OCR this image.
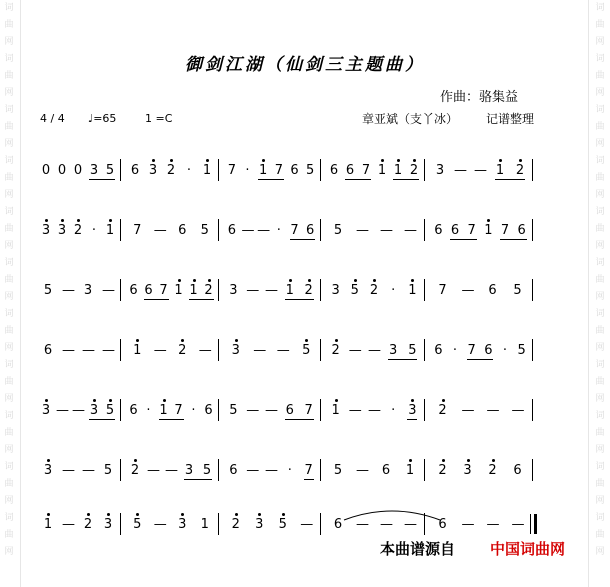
词
曲
网
词
曲
网
词
曲
网
词
曲
网
词
曲
网
词
曲
网
词
曲
网
词
曲
网
词
曲
网
词
曲
网
词
曲
网
词
曲
网
词
曲
网
词
曲
网
词
曲
网
词
曲
网
词
曲
网
词
曲
网
词
曲
网
词
曲
网
词
曲
网
词
曲
网
御剑江湖（仙剑三主题曲）
作曲：骆集益
4 / 4 ♩=65	1 =C	章亚斌（支丫冰） 记谱整理
0 0 0 3 5 6 3 2 · 1 7 · 1 7 6 5 6 6 7 1 1 2 3 — — 1 2
3 3 2 · 1 7 — 6 5 6 — — · 7 6 5 — — — 6 6 7 1 7 6
5 — 3 — 6 6 7 1 1 2 3 — — 1 2 3 5 2 ·	1 7 — 6 5
6 — — — 1 — 2 — 3 — — 5 2 — — 3 5 6 · 7 6 · 5
3 — — 3 5 6 · 1 7 · 6 5 — — 6 7 1 — — ·	3 2 — — —
3 — — 5 2 — — 3 5 6 — — · 7 5 — 6 1 2 3 2 6
1 — 2 3 5 — 3 1 2 3 5 — 6 — — — 6 — — —
本曲谱源自 中国词曲网
